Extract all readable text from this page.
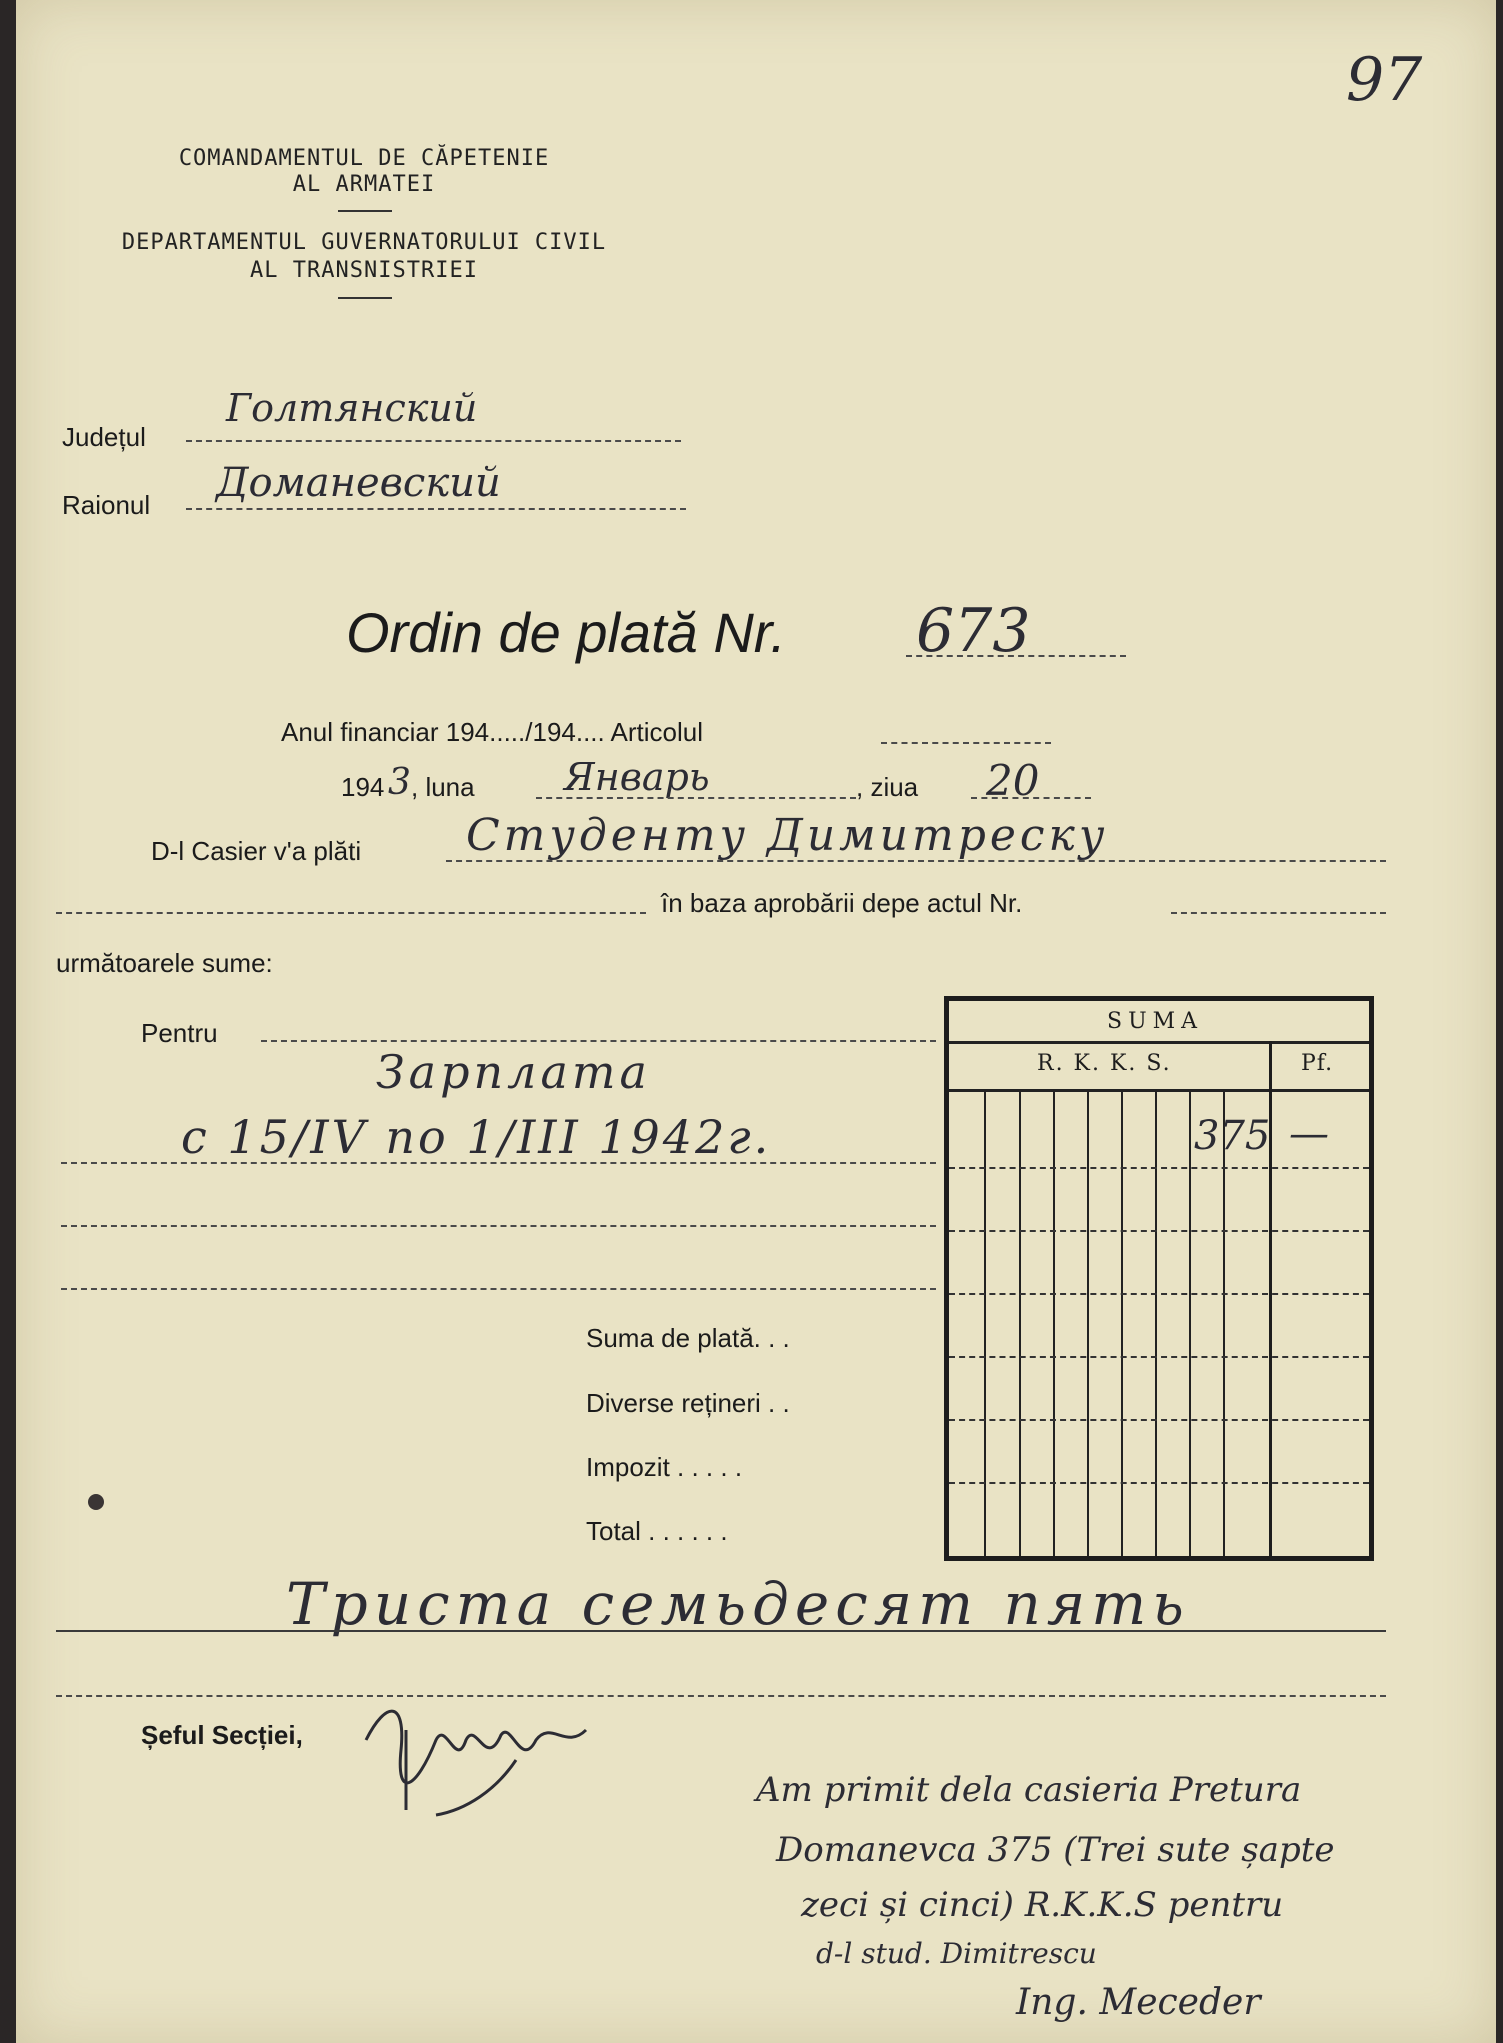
97
COMANDAMENTUL DE CĂPETENIE
AL ARMATEI
DEPARTAMENTUL GUVERNATORULUI CIVIL
AL TRANSNISTRIEI
Județul
Голтянский
Raionul Доманевский
Ordin de plată Nr. 673
Anul financiar 194...../194.... Articolul
194 3 , luna Январь	, ziua 20
D-l Casier v'a plăti Студенту Димитреску
în baza aprobării depe actul Nr.
următoarele sume:
Pentru
Зарплата
с 15/IV по 1/III 1942г.
SUMA
R. K. K. S.	Pf.
375 —
Suma de plată. . .
Diverse rețineri . .
Impozit . . . . .
Total . . . . . .
Триста семьдесят пять
Șeful Secției,
Am primit dela casieria Pretura
Domanevca 375 (Trei sute șapte
zeci și cinci) R.K.K.S pentru
d-l stud. Dimitrescu
Ing. Meceder
